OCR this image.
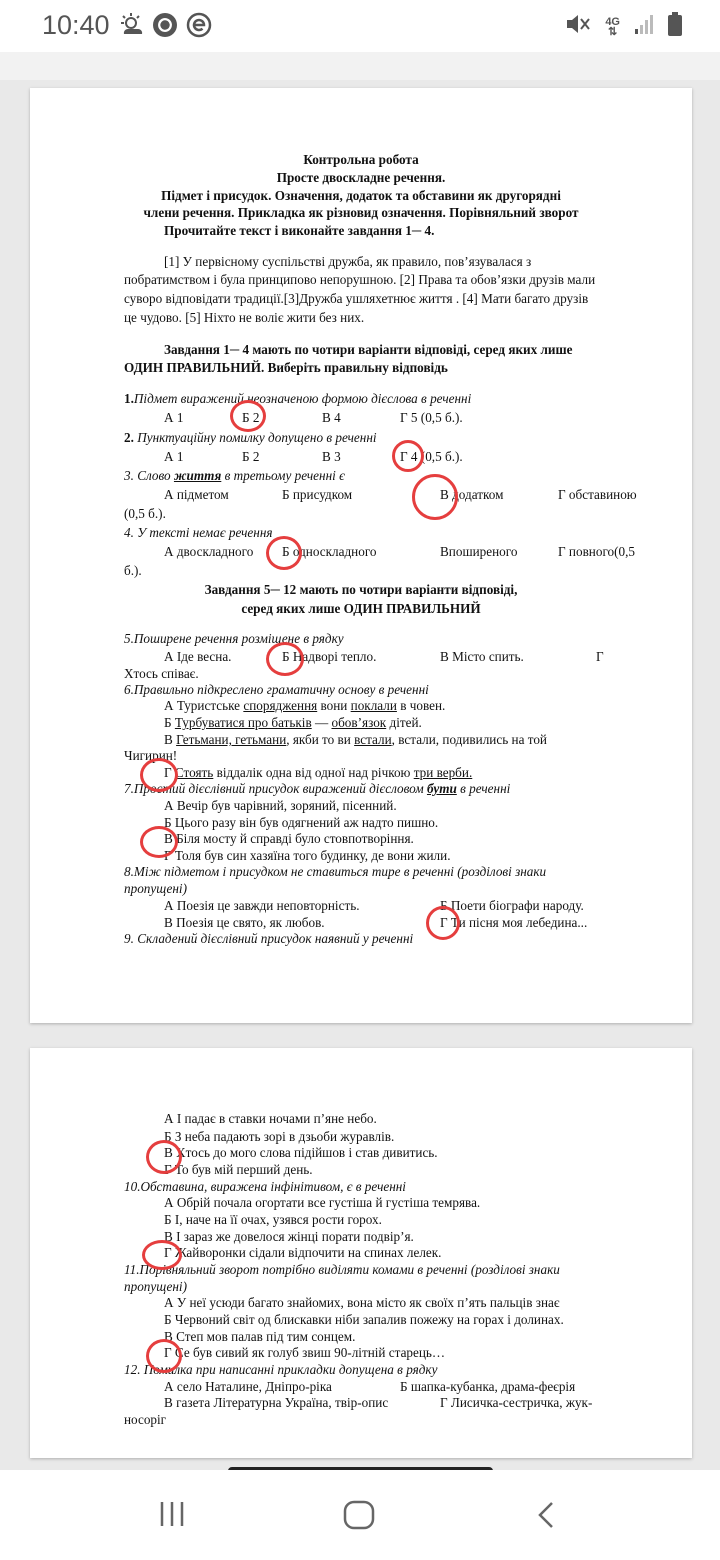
10:40	4G
⇅
Контрольна робота
Просте двоскладне речення.
Підмет і присудок. Означення, додаток та обставини як другорядні
члени речення. Прикладка як різновид означення. Порівняльний зворот
Прочитайте текст і виконайте завдання 1─ 4.
[1] У первісному суспільстві дружба, як правило, пов’язувалася з
побратимством і була принципово непорушною. [2] Права та обов’язки друзів мали
суворо відповідати традиції.[3]Дружба ушляхетнює життя . [4] Мати багато друзів
це чудово. [5] Ніхто не воліє жити без них.
Завдання 1─ 4 мають по чотири варіанти відповіді, серед яких лише
ОДИН ПРАВИЛЬНИЙ. Виберіть правильну відповідь
1.Підмет виражений неозначеною формою дієслова в реченні
А 1	Б 2	В 4	Г 5 (0,5 б.).
2. Пунктуаційну помилку допущено в реченні
А 1	Б 2	В 3	Г 4 (0,5 б.).
3. Слово життя в третьому реченні є
А підметом	Б присудком	В додатком	Г обставиною
(0,5 б.).
4. У тексті немає речення
А двоскладного Б односкладного	Впоширеного	Г повного(0,5
б.).
Завдання 5─ 12 мають по чотири варіанти відповіді,
серед яких лише ОДИН ПРАВИЛЬНИЙ
5.Поширене речення розміщене в рядку
А Іде весна.	Б Надворі тепло.	В Місто спить.	Г
Хтось співає.
6.Правильно підкреслено граматичну основу в реченні
А Туристське спорядження вони поклали в човен.
Б Турбуватися про батьків — обов’язок дітей.
В Гетьмани, гетьмани, якби то ви встали, встали, подивились на той
Чигирин!
Г Стоять віддалік одна від одної над річкою три верби.
7.Простий дієслівний присудок виражений дієсловом бути в реченні
А Вечір був чарівний, зоряний, пісенний.
Б Цього разу він був одягнений аж надто пишно.
В Біля мосту й справді було стовпотворіння.
Г Толя був син хазяїна того будинку, де вони жили.
8.Між підметом і присудком не ставиться тире в реченні (розділові знаки
пропущені)
А Поезія це завжди неповторність.	Б Поети біографи народу.
В Поезія це свято, як любов.	Г Ти пісня моя лебедина...
9. Складений дієслівний присудок наявний у реченні
А І падає в ставки ночами п’яне небо.
Б З неба падають зорі в дзьоби журавлів.
В Хтось до мого слова підійшов і став дивитись.
Г То був мій перший день.
10.Обставина, виражена інфінітивом, є в реченні
А Обрій почала огортати все густіша й густіша темрява.
Б І, наче на її очах, узявся рости горох.
В І зараз же довелося жінці порати подвір’я.
Г Жайворонки сідали відпочити на спинах лелек.
11.Порівняльний зворот потрібно виділяти комами в реченні (розділові знаки
пропущені)
А У неї усюди багато знайомих, вона місто як своїх п’ять пальців знає
Б Червоний світ од блискавки ніби запалив пожежу на горах і долинах.
В Степ мов палав під тим сонцем.
Г Се був сивий як голуб звиш 90-літній старець…
12. Помилка при написанні прикладки допущена в рядку
А село Наталине, Дніпро-ріка	Б шапка-кубанка, драма-феєрія
В газета Літературна Україна, твір-опис	Г Лисичка-сестричка, жук-
носоріг
